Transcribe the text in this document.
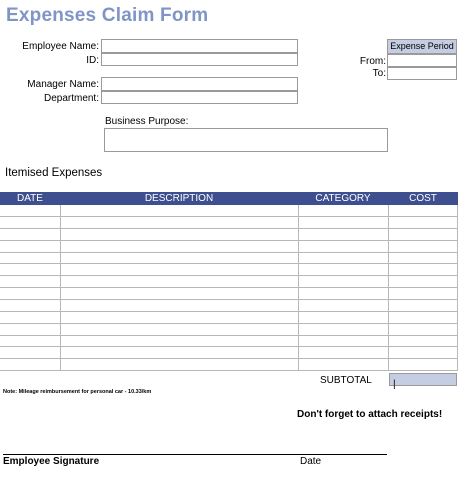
Expenses Claim Form
Employee Name:
ID:
Manager Name:
Department:
Business Purpose:
Expense Period
From:
To:
Itemised Expenses
DATE	DESCRIPTION	CATEGORY	COST
SUBTOTAL	|
Note: Mileage reimbursement for personal car - 10.33/km
Don't forget to attach receipts!
Employee Signature	Date
